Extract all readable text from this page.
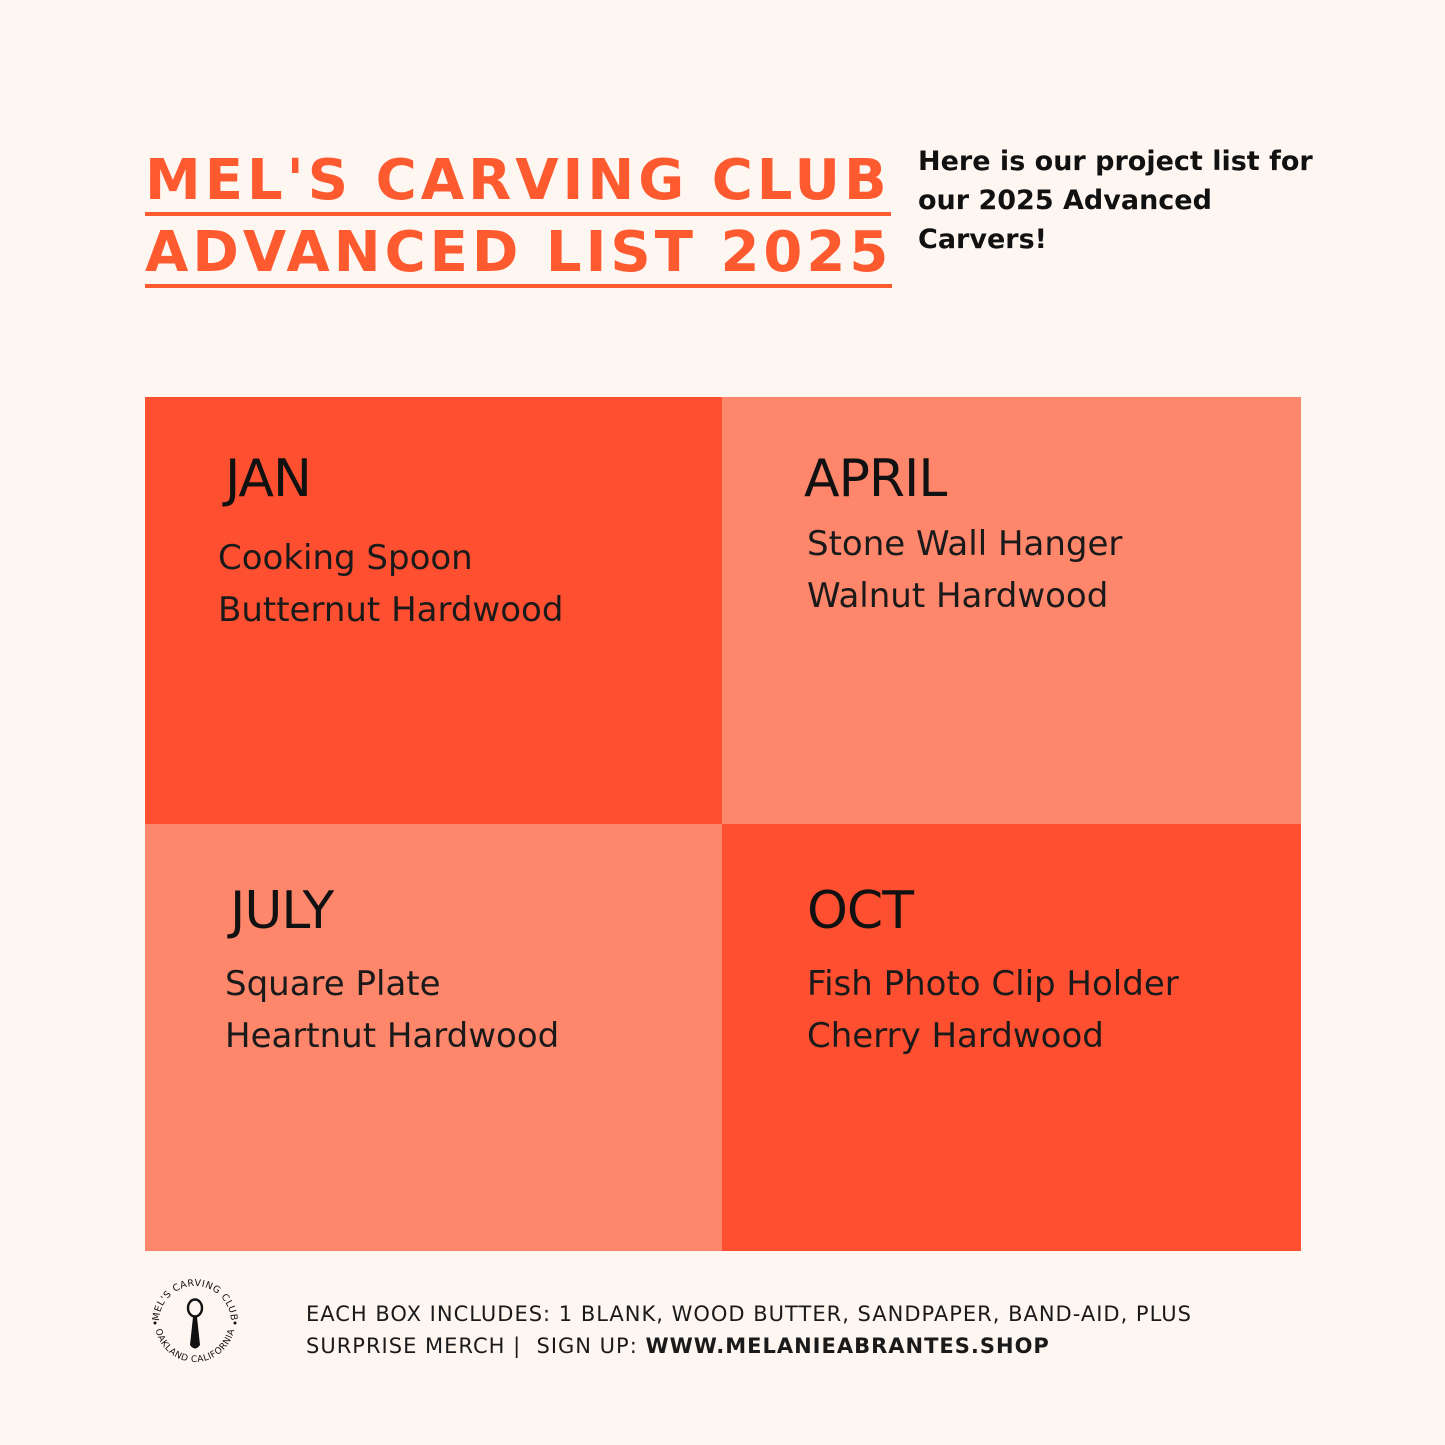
MEL'S CARVING CLUB
ADVANCED LIST 2025

Here is our project list for our 2025 Advanced Carvers!

JAN

Cooking Spoon

Butternut Hardwood

APRIL

Stone Wall Hanger

Walnut Hardwood

JULY

Square Plate

Heartnut Hardwood

OCT

Fish Photo Clip Holder

Cherry Hardwood

MEL'S CARVING CLUB
OAKLAND CALIFORNIA

EACH BOX INCLUDES: 1 BLANK, WOOD BUTTER, SANDPAPER, BAND-AID, PLUS
SURPRISE MERCH |  SIGN UP: WWW.MELANIEABRANTES.SHOP
